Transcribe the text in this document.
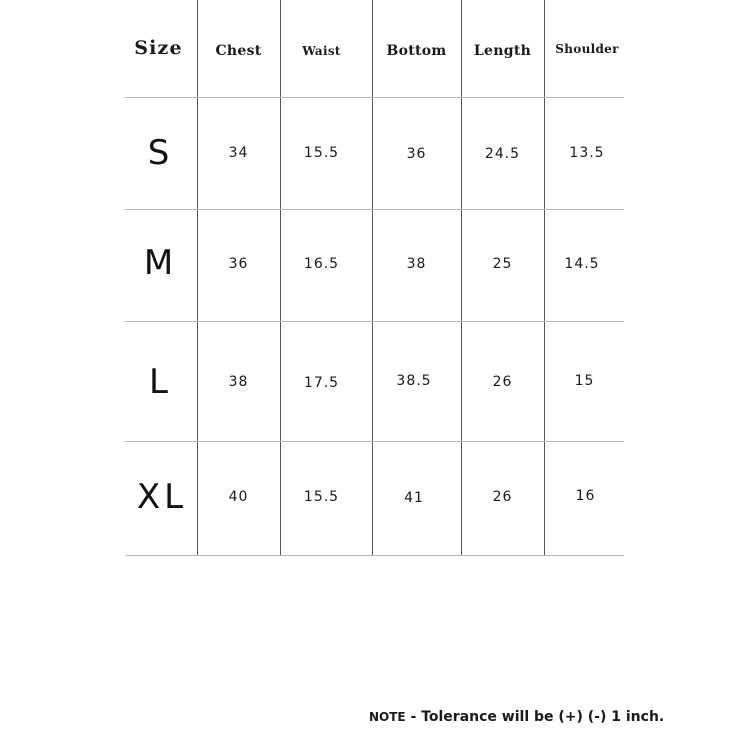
Size	Chest	Waist	Bottom	Length	Shoulder
S	34	15.5	36	24.5	13.5
M	36	16.5	38	25	14.5
L	38	17.5	38.5	26	15
XL	40	15.5	41	26	16
NOTE - Tolerance will be (+) (-) 1 inch.
